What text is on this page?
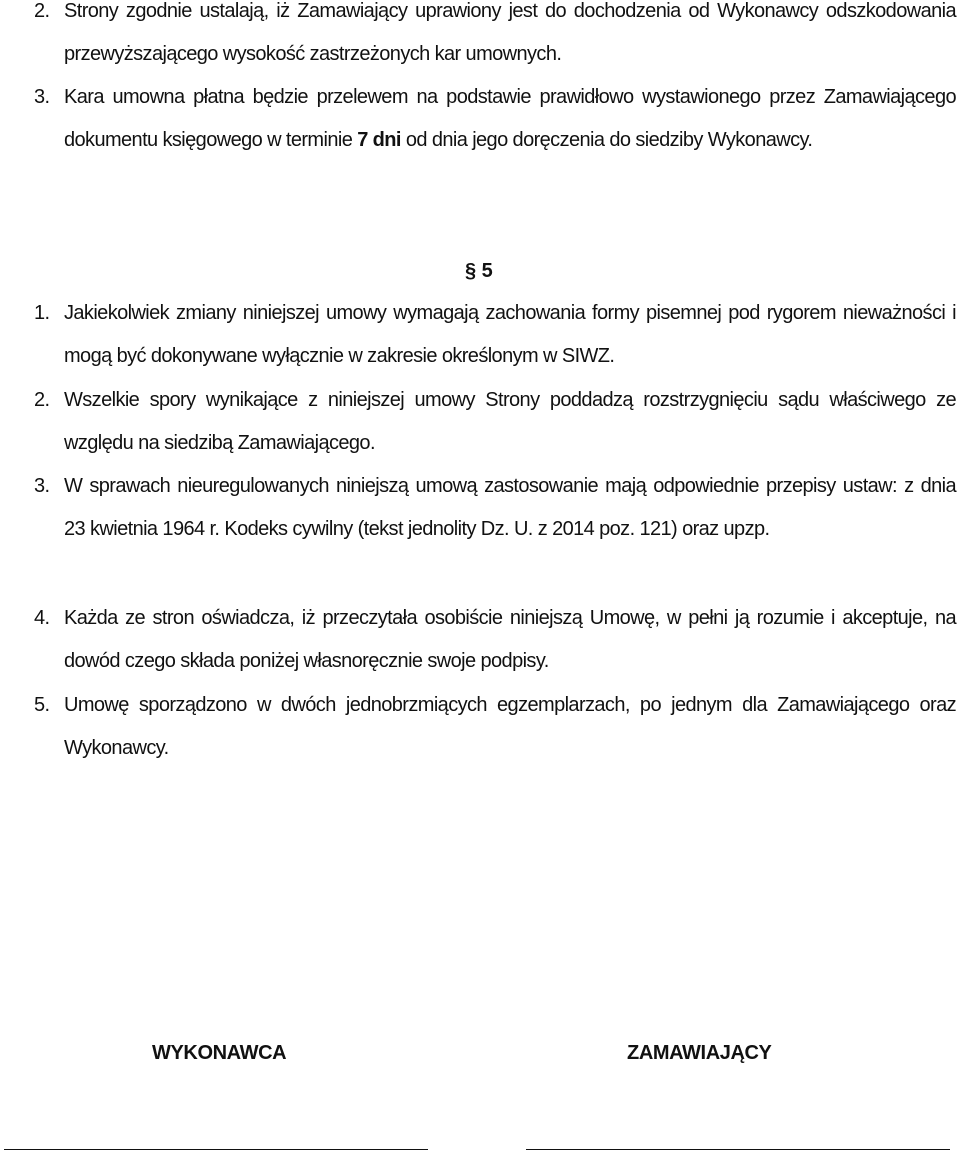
2. Strony zgodnie ustalają, iż Zamawiający uprawiony jest do dochodzenia od Wykonawcy odszkodowania przewyższającego wysokość zastrzeżonych kar umownych.
3. Kara umowna płatna będzie przelewem na podstawie prawidłowo wystawionego przez Zamawiającego dokumentu księgowego w terminie 7 dni od dnia jego doręczenia do siedziby Wykonawcy.
§ 5
1. Jakiekolwiek zmiany niniejszej umowy wymagają zachowania formy pisemnej pod rygorem nieważności i mogą być dokonywane wyłącznie w zakresie określonym w SIWZ.
2. Wszelkie spory wynikające z niniejszej umowy Strony poddadzą rozstrzygnięciu sądu właściwego ze względu na siedzibą Zamawiającego.
3. W sprawach nieuregulowanych niniejszą umową zastosowanie mają odpowiednie przepisy ustaw: z dnia 23 kwietnia 1964 r. Kodeks cywilny (tekst jednolity Dz. U. z 2014 poz. 121) oraz upzp.
4. Każda ze stron oświadcza, iż przeczytała osobiście niniejszą Umowę, w pełni ją rozumie i akceptuje, na dowód czego składa poniżej własnoręcznie swoje podpisy.
5. Umowę sporządzono w dwóch jednobrzmiących egzemplarzach, po jednym dla Zamawiającego oraz Wykonawcy.
WYKONAWCA	ZAMAWIAJĄCY
